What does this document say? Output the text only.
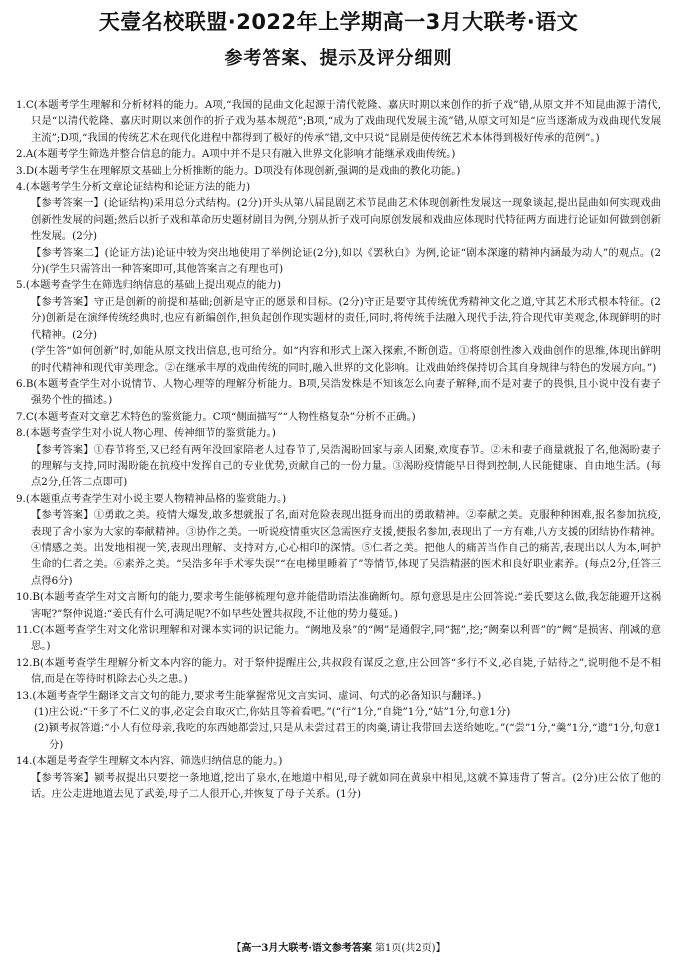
天壹名校联盟·2022年上学期高一3月大联考·语文
参考答案、提示及评分细则

1.C(本题考学生理解和分析材料的能力。A项,“我国的昆曲文化起源于清代乾隆、嘉庆时期以来创作的折子戏”错,从原文并不知昆曲源于清代,只是“以清代乾隆、嘉庆时期以来创作的折子戏为基本规范”;B项,“成为了戏曲现代发展主流”错,从原文可知是“应当逐渐成为戏曲现代发展主流”;D项,“我国的传统艺术在现代化进程中都得到了极好的传承”错,文中只说“昆剧是使传统艺术本体得到极好传承的范例”。)

2.A(本题考学生筛选并整合信息的能力。A项中并不是只有融入世界文化影响才能继承戏曲传统。)

3.D(本题考学生在理解原文基础上分析推断的能力。D项没有体现创新,强调的是戏曲的教化功能。)

4.(本题考学生分析文章论证结构和论证方法的能力)

【参考答案一】(论证结构)采用总分式结构。(2分)开头从第八届昆剧艺术节昆曲艺术体现创新性发展这一现象谈起,提出昆曲如何实现戏曲创新性发展的问题;然后以折子戏和革命历史题材剧目为例,分别从折子戏可向原创发展和戏曲应体现时代特征两方面进行论证如何做到创新性发展。(2分)

【参考答案二】(论证方法)论证中较为突出地使用了举例论证(2分),如以《罢秋白》为例,论证“剧本深邃的精神内涵最为动人”的观点。(2分)(学生只需答出一种答案即可,其他答案言之有理也可)

5.(本题考查学生在筛选归纳信息的基础上提出观点的能力)

【参考答案】守正是创新的前提和基础;创新是守正的愿景和目标。(2分)守正是要守其传统优秀精神文化之道,守其艺术形式根本特征。(2分)创新是在演绎传统经典时,也应有新编创作,担负起创作现实题材的责任,同时,将传统手法融入现代手法,符合现代审美观念,体现鲜明的时代精神。(2分)

(学生答“如何创新”时,如能从原文找出信息,也可给分。如“内容和形式上深入探索,不断创造。①将原创性渗入戏曲创作的思维,体现出鲜明的时代精神和现代审美理念。②在继承丰厚的戏曲传统的同时,融入世界的文化影响。让戏曲始终保持切合其自身规律与特色的发展方向。”)

6.B(本题考查学生对小说情节、人物心理等的理解分析能力。B项,吴浩发株是不知该怎么向妻子解释,而不是对妻子的畏惧,且小说中没有妻子强势个性的描述。)

7.C(本题考查对文章艺术特色的鉴赏能力。C项“侧面描写”“人物性格复杂”分析不正确。)

8.(本题考查学生对小说人物心理、传神细节的鉴赏能力。)

【参考答案】①春节将至,又已经有两年没回家陪老人过春节了,吴浩渴盼回家与亲人团聚,欢度春节。②未和妻子商量就报了名,他渴盼妻子的理解与支持,同时渴盼能在抗疫中发挥自己的专业优势,贡献自己的一份力量。③渴盼疫情能早日得到控制,人民能健康、自由地生活。(每点2分,任答二点即可)

9.(本题重点考查学生对小说主要人物精神品格的鉴赏能力。)

【参考答案】①勇敢之美。疫情大爆发,敢多想就报了名,面对危险表现出挺身而出的勇敢精神。②奉献之美。克服种种困难,报名参加抗疫,表现了舍小家为大家的奉献精神。③协作之美。一听说疫情重灾区急需医疗支援,便报名参加,表现出了一方有难,八方支援的团结协作精神。④情感之美。出发地相视一笑,表现出理解、支持对方,心心相印的深情。⑤仁者之美。把他人的痛苦当作自己的痛苦,表现出以人为本,呵护生命的仁者之美。⑥素养之美。“吴浩多年手术零失误”“在电梯里睡着了”等情节,体现了吴浩精湛的医术和良好职业素养。(每点2分,任答三点得6分)

10.B(本题考查学生对文言断句的能力,要求考生能够梳理句意并能借助语法准确断句。原句意思是庄公回答说:“姜氏要这么做,我怎能避开这祸害呢?”祭仲说道:“姜氏有什么可满足呢?不如早些处置共叔段,不让他的势力蔓延。)

11.C(本题考查学生对文化常识理解和对课本实词的识记能力。“阙地及泉”的“阙”是通假字,同“掘”,挖;“阙秦以利晋”的“阙”是损害、削减的意思。)

12.B(本题考查学生理解分析文本内容的能力。对于祭仲提醒庄公,共叔段有谋反之意,庄公回答“多行不义,必自毙,子姑待之”,说明他不是不相信,而是在等待时机除去心头之患。)

13.(本题考查学生翻译文言文句的能力,要求考生能掌握常见文言实词、虚词、句式的必备知识与翻译。)

(1)庄公说:“干多了不仁义的事,必定会自取灭亡,你姑且等着看吧。”(“行”1分,“自毙”1分,“姑”1分,句意1分)

(2)颍考叔答道:“小人有位母亲,我吃的东西她都尝过,只是从未尝过君王的肉羹,请让我带回去送给她吃。”(“尝”1分,“羹”1分,“遗”1分,句意1分)

14.(本题是考查学生理解文本内容、筛选归纳信息的能力。)

【参考答案】颍考叔提出只要挖一条地道,挖出了泉水,在地道中相见,母子就如同在黄泉中相见,这就不算违背了誓言。(2分)庄公依了他的话。庄公走进地道去见了武姜,母子二人很开心,并恢复了母子关系。(1分)

【高一3月大联考·语文参考答案 第1页(共2页)】
